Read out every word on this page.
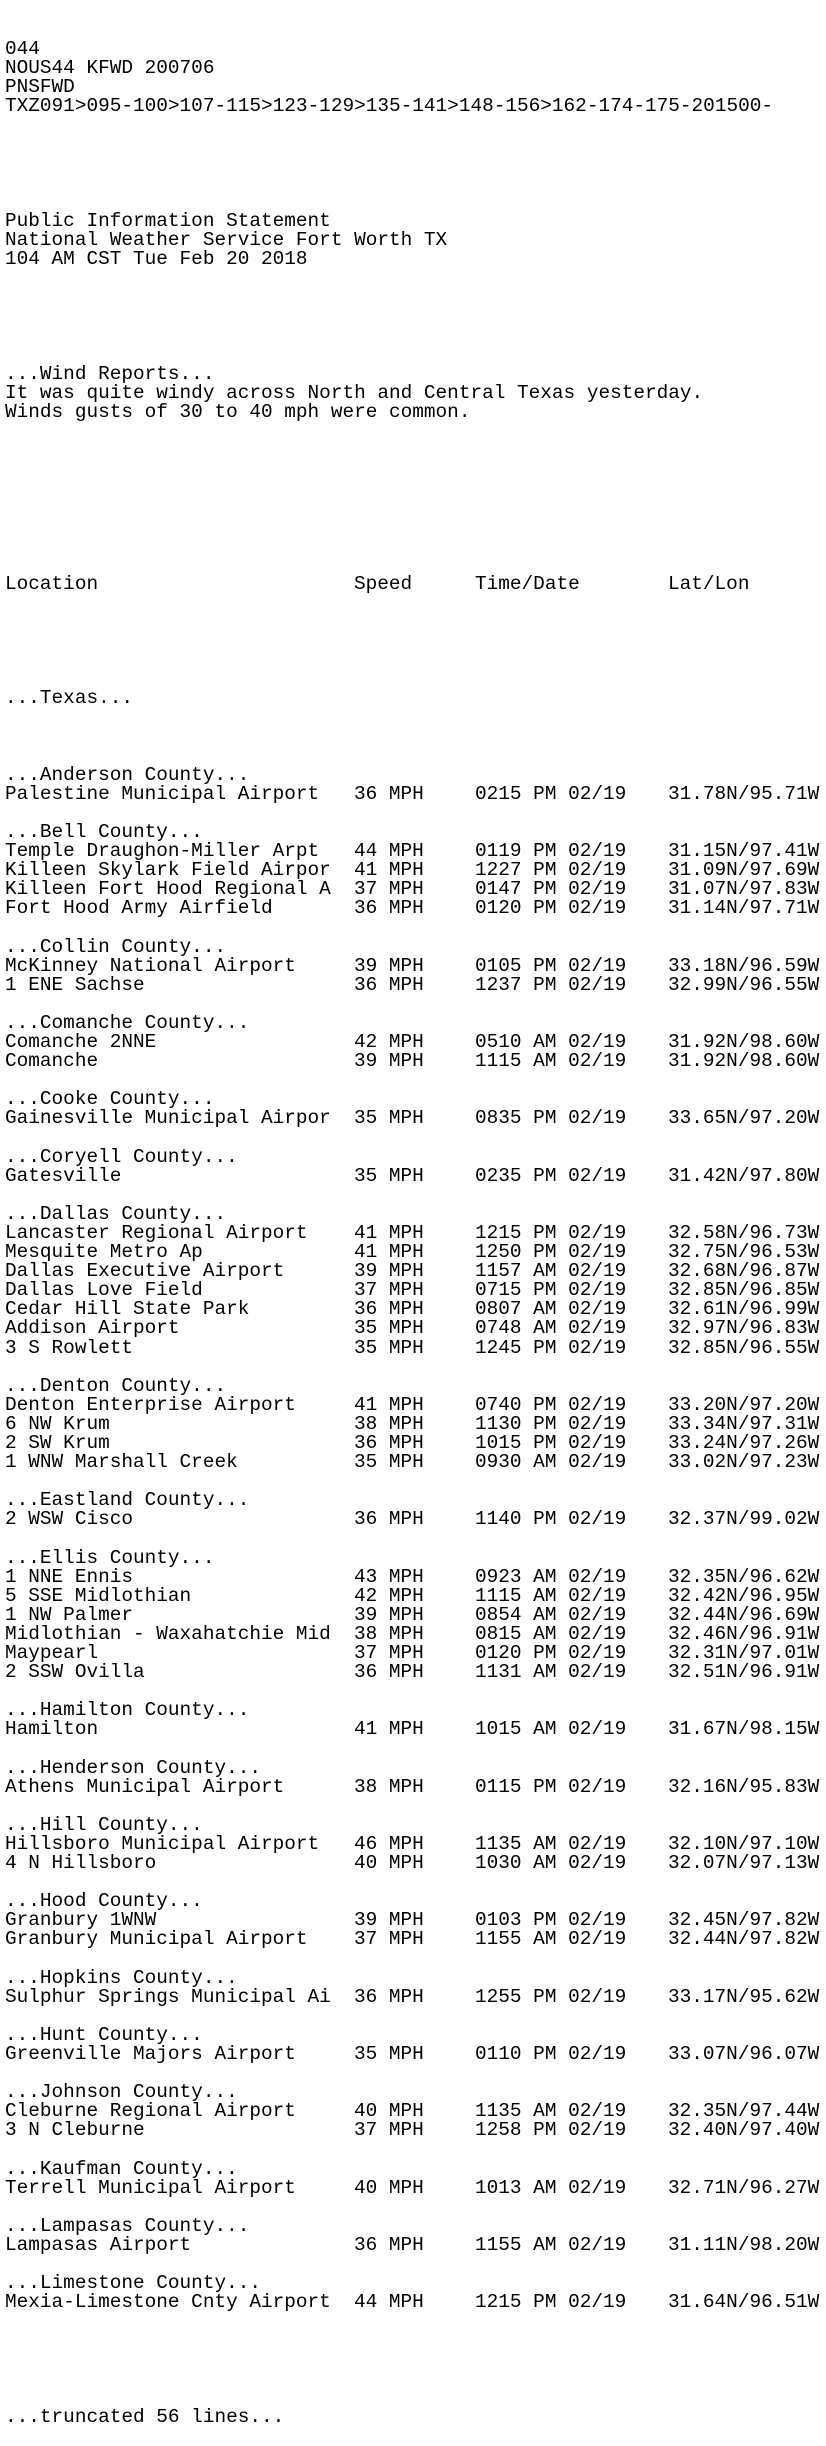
044
NOUS44 KFWD 200706
PNSFWD
TXZ091>095-100>107-115>123-129>135-141>148-156>162-174-175-201500-

Public Information Statement
National Weather Service Fort Worth TX
104 AM CST Tue Feb 20 2018

...Wind Reports...
It was quite windy across North and Central Texas yesterday.
Winds gusts of 30 to 40 mph were common.

Location	Speed	Time/Date	Lat/Lon

...Texas...

...Anderson County...
Palestine Municipal Airport	36 MPH	0215 PM 02/19	31.78N/95.71W
...Bell County...
Temple Draughon-Miller Arpt	44 MPH	0119 PM 02/19	31.15N/97.41W
Killeen Skylark Field Airpor	41 MPH	1227 PM 02/19	31.09N/97.69W
Killeen Fort Hood Regional A	37 MPH	0147 PM 02/19	31.07N/97.83W
Fort Hood Army Airfield	36 MPH	0120 PM 02/19	31.14N/97.71W
...Collin County...
McKinney National Airport	39 MPH	0105 PM 02/19	33.18N/96.59W
1 ENE Sachse	36 MPH	1237 PM 02/19	32.99N/96.55W
...Comanche County...
Comanche 2NNE	42 MPH	0510 AM 02/19	31.92N/98.60W
Comanche	39 MPH	1115 AM 02/19	31.92N/98.60W
...Cooke County...
Gainesville Municipal Airpor	35 MPH	0835 PM 02/19	33.65N/97.20W
...Coryell County...
Gatesville	35 MPH	0235 PM 02/19	31.42N/97.80W
...Dallas County...
Lancaster Regional Airport	41 MPH	1215 PM 02/19	32.58N/96.73W
Mesquite Metro Ap	41 MPH	1250 PM 02/19	32.75N/96.53W
Dallas Executive Airport	39 MPH	1157 AM 02/19	32.68N/96.87W
Dallas Love Field	37 MPH	0715 PM 02/19	32.85N/96.85W
Cedar Hill State Park	36 MPH	0807 AM 02/19	32.61N/96.99W
Addison Airport	35 MPH	0748 AM 02/19	32.97N/96.83W
3 S Rowlett	35 MPH	1245 PM 02/19	32.85N/96.55W
...Denton County...
Denton Enterprise Airport	41 MPH	0740 PM 02/19	33.20N/97.20W
6 NW Krum	38 MPH	1130 PM 02/19	33.34N/97.31W
2 SW Krum	36 MPH	1015 PM 02/19	33.24N/97.26W
1 WNW Marshall Creek	35 MPH	0930 AM 02/19	33.02N/97.23W
...Eastland County...
2 WSW Cisco	36 MPH	1140 PM 02/19	32.37N/99.02W
...Ellis County...
1 NNE Ennis	43 MPH	0923 AM 02/19	32.35N/96.62W
5 SSE Midlothian	42 MPH	1115 AM 02/19	32.42N/96.95W
1 NW Palmer	39 MPH	0854 AM 02/19	32.44N/96.69W
Midlothian - Waxahatchie Mid	38 MPH	0815 AM 02/19	32.46N/96.91W
Maypearl	37 MPH	0120 PM 02/19	32.31N/97.01W
2 SSW Ovilla	36 MPH	1131 AM 02/19	32.51N/96.91W
...Hamilton County...
Hamilton	41 MPH	1015 AM 02/19	31.67N/98.15W
...Henderson County...
Athens Municipal Airport	38 MPH	0115 PM 02/19	32.16N/95.83W
...Hill County...
Hillsboro Municipal Airport	46 MPH	1135 AM 02/19	32.10N/97.10W
4 N Hillsboro	40 MPH	1030 AM 02/19	32.07N/97.13W
...Hood County...
Granbury 1WNW	39 MPH	0103 PM 02/19	32.45N/97.82W
Granbury Municipal Airport	37 MPH	1155 AM 02/19	32.44N/97.82W
...Hopkins County...
Sulphur Springs Municipal Ai	36 MPH	1255 PM 02/19	33.17N/95.62W
...Hunt County...
Greenville Majors Airport	35 MPH	0110 PM 02/19	33.07N/96.07W
...Johnson County...
Cleburne Regional Airport	40 MPH	1135 AM 02/19	32.35N/97.44W
3 N Cleburne	37 MPH	1258 PM 02/19	32.40N/97.40W
...Kaufman County...
Terrell Municipal Airport	40 MPH	1013 AM 02/19	32.71N/96.27W
...Lampasas County...
Lampasas Airport	36 MPH	1155 AM 02/19	31.11N/98.20W
...Limestone County...
Mexia-Limestone Cnty Airport	44 MPH	1215 PM 02/19	31.64N/96.51W

...truncated 56 lines...
